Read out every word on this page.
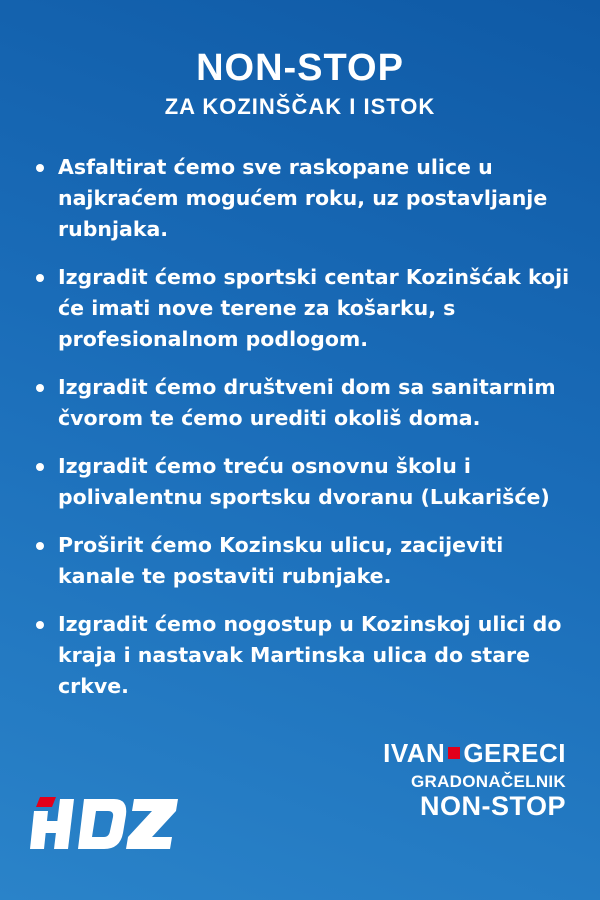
NON-STOP
ZA KOZINŠČAK I ISTOK
Asfaltirat ćemo sve raskopane ulice u najkraćem mogućem roku, uz postavljanje rubnjaka.
Izgradit ćemo sportski centar Kozinšćak koji će imati nove terene za košarku, s profesionalnom podlogom.
Izgradit ćemo društveni dom sa sanitarnim čvorom te ćemo urediti okoliš doma.
Izgradit ćemo treću osnovnu školu i polivalentnu sportsku dvoranu (Lukarišće)
Proširit ćemo Kozinsku ulicu, zacijeviti kanale te postaviti rubnjake.
Izgradit ćemo nogostup u Kozinskoj ulici do kraja i nastavak Martinska ulica do stare crkve.
IVAN GERECI
GRADONAČELNIK
NON-STOP
